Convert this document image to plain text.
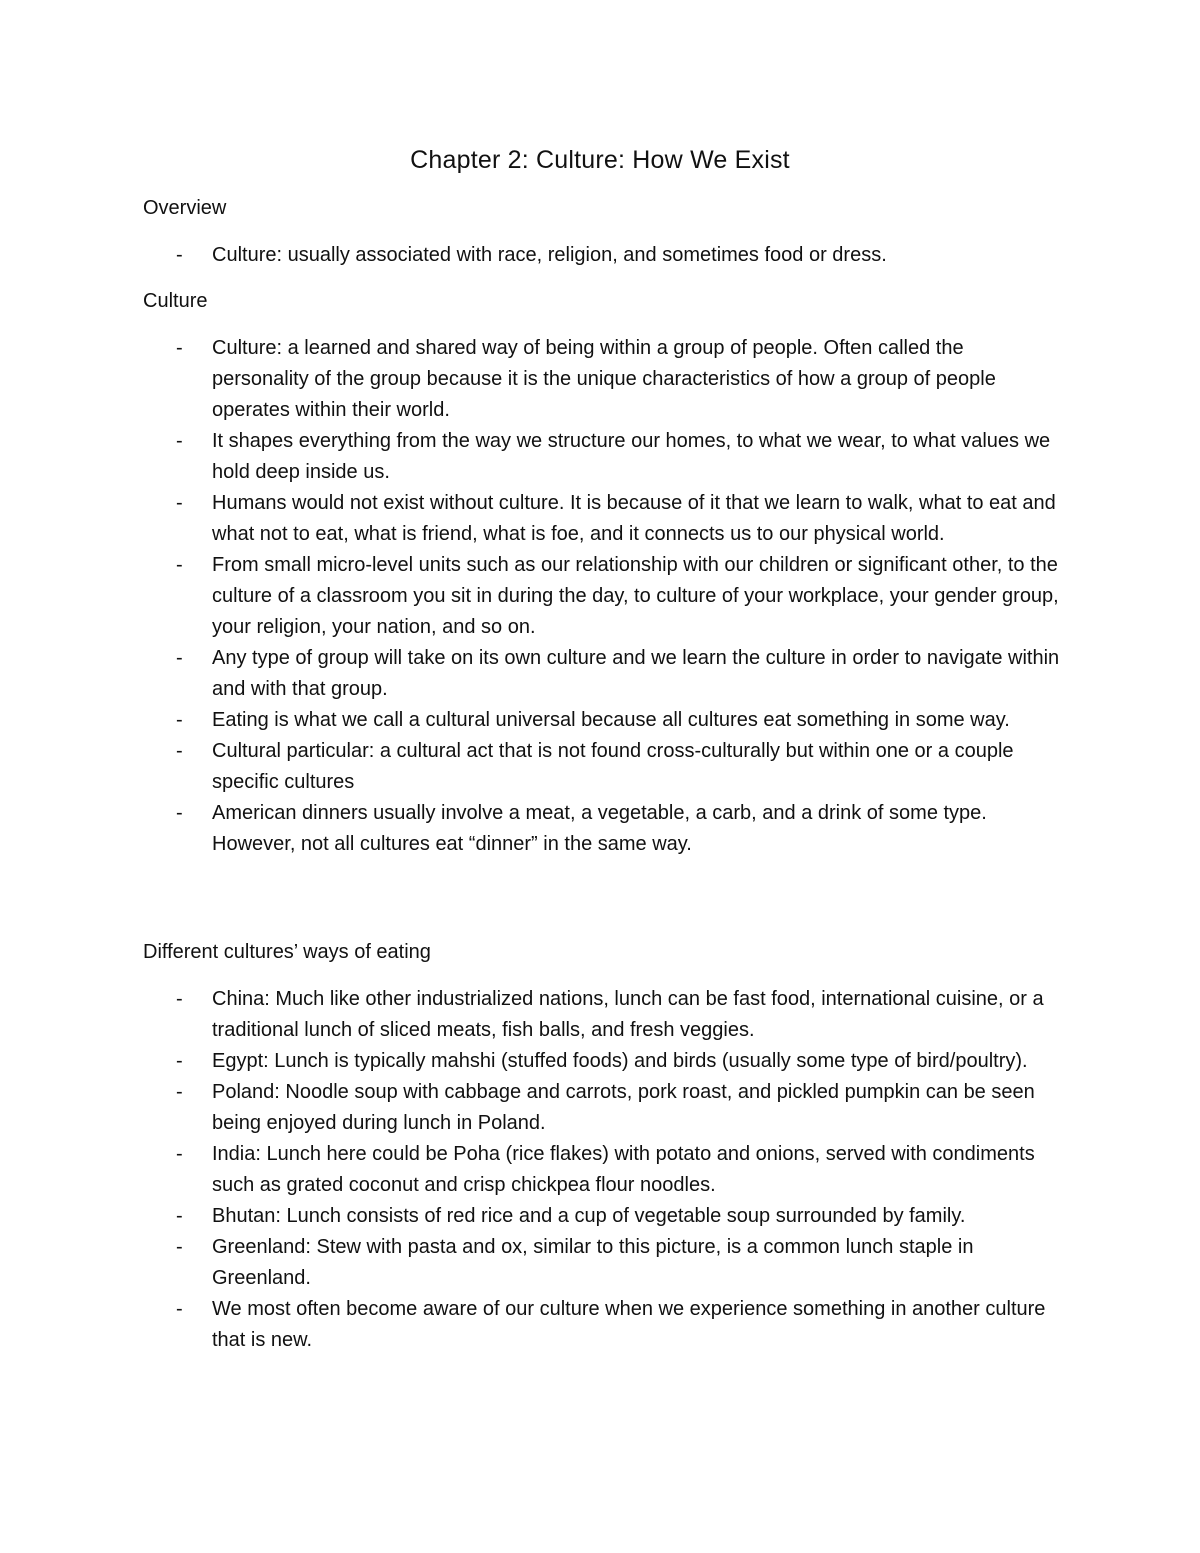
Chapter 2: Culture: How We Exist

Overview

- Culture: usually associated with race, religion, and sometimes food or dress.

Culture

- Culture: a learned and shared way of being within a group of people. Often called the personality of the group because it is the unique characteristics of how a group of people operates within their world.
- It shapes everything from the way we structure our homes, to what we wear, to what values we hold deep inside us.
- Humans would not exist without culture. It is because of it that we learn to walk, what to eat and what not to eat, what is friend, what is foe, and it connects us to our physical world.
- From small micro-level units such as our relationship with our children or significant other, to the culture of a classroom you sit in during the day, to culture of your workplace, your gender group, your religion, your nation, and so on.
- Any type of group will take on its own culture and we learn the culture in order to navigate within and with that group.
- Eating is what we call a cultural universal because all cultures eat something in some way.
- Cultural particular: a cultural act that is not found cross-culturally but within one or a couple specific cultures
- American dinners usually involve a meat, a vegetable, a carb, and a drink of some type. However, not all cultures eat “dinner” in the same way.

Different cultures’ ways of eating

- China: Much like other industrialized nations, lunch can be fast food, international cuisine, or a traditional lunch of sliced meats, fish balls, and fresh veggies.
- Egypt: Lunch is typically mahshi (stuffed foods) and birds (usually some type of bird/poultry).
- Poland: Noodle soup with cabbage and carrots, pork roast, and pickled pumpkin can be seen being enjoyed during lunch in Poland.
- India: Lunch here could be Poha (rice flakes) with potato and onions, served with condiments such as grated coconut and crisp chickpea flour noodles.
- Bhutan: Lunch consists of red rice and a cup of vegetable soup surrounded by family.
- Greenland: Stew with pasta and ox, similar to this picture, is a common lunch staple in Greenland.
- We most often become aware of our culture when we experience something in another culture that is new.
